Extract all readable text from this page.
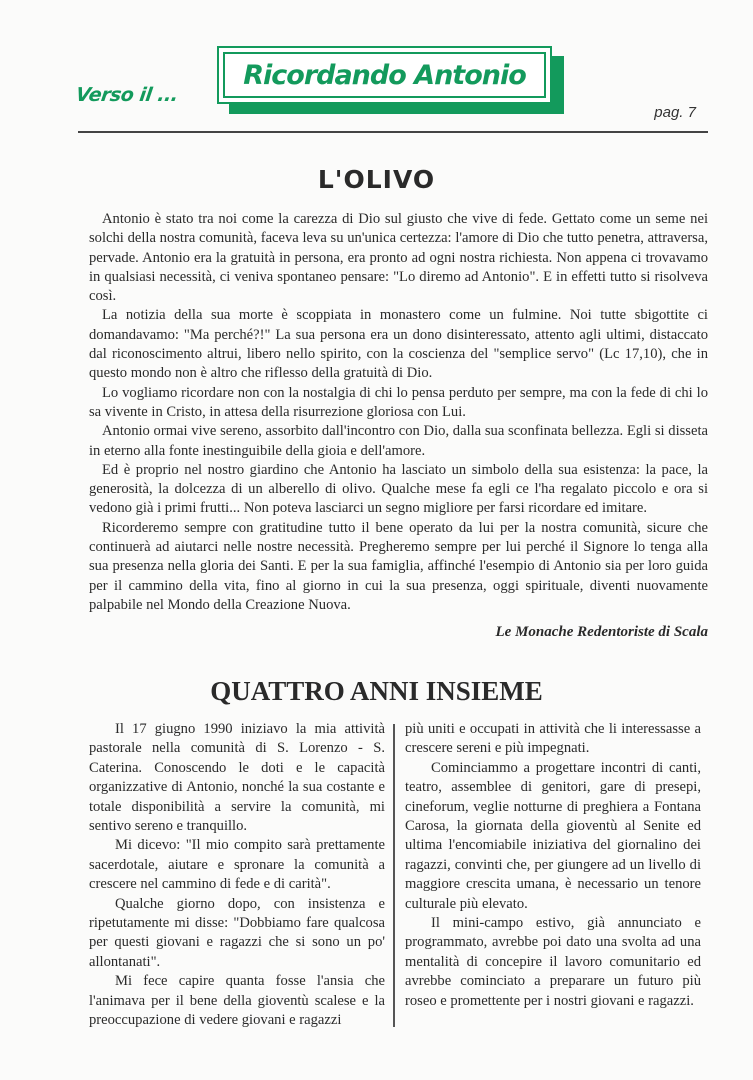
Verso il ...
Ricordando Antonio
pag. 7
L'OLIVO

Antonio è stato tra noi come la carezza di Dio sul giusto che vive di fede. Gettato come un seme nei solchi della nostra comunità, faceva leva su un'unica certezza: l'amore di Dio che tutto penetra, attraversa, pervade. Antonio era la gratuità in persona, era pronto ad ogni nostra richiesta. Non appena ci trovavamo in qualsiasi necessità, ci veniva spontaneo pensare: "Lo diremo ad Antonio". E in effetti tutto si risolveva così.

La notizia della sua morte è scoppiata in monastero come un fulmine. Noi tutte sbigottite ci domandavamo: "Ma perché?!" La sua persona era un dono disinteressato, attento agli ultimi, distaccato dal riconoscimento altrui, libero nello spirito, con la coscienza del "semplice servo" (Lc 17,10), che in questo mondo non è altro che riflesso della gratuità di Dio.

Lo vogliamo ricordare non con la nostalgia di chi lo pensa perduto per sempre, ma con la fede di chi lo sa vivente in Cristo, in attesa della risurrezione gloriosa con Lui.

Antonio ormai vive sereno, assorbito dall'incontro con Dio, dalla sua sconfinata bellezza. Egli si disseta in eterno alla fonte inestinguibile della gioia e dell'amore.

Ed è proprio nel nostro giardino che Antonio ha lasciato un simbolo della sua esistenza: la pace, la generosità, la dolcezza di un alberello di olivo. Qualche mese fa egli ce l'ha regalato piccolo e ora si vedono già i primi frutti... Non poteva lasciarci un segno migliore per farsi ricordare ed imitare.

Ricorderemo sempre con gratitudine tutto il bene operato da lui per la nostra comunità, sicure che continuerà ad aiutarci nelle nostre necessità. Pregheremo sempre per lui perché il Signore lo tenga alla sua presenza nella gloria dei Santi. E per la sua famiglia, affinché l'esempio di Antonio sia per loro guida per il cammino della vita, fino al giorno in cui la sua presenza, oggi spirituale, diventi nuovamente palpabile nel Mondo della Creazione Nuova.

Le Monache Redentoriste di Scala
QUATTRO ANNI INSIEME

Il 17 giugno 1990 iniziavo la mia attività pastorale nella comunità di S. Lorenzo - S. Caterina. Conoscendo le doti e le capacità organizzative di Antonio, nonché la sua costante e totale disponibilità a servire la comunità, mi sentivo sereno e tranquillo.

Mi dicevo: "Il mio compito sarà prettamente sacerdotale, aiutare e spronare la comunità a crescere nel cammino di fede e di carità".

Qualche giorno dopo, con insistenza e ripetutamente mi disse: "Dobbiamo fare qualcosa per questi giovani e ragazzi che si sono un po' allontanati".

Mi fece capire quanta fosse l'ansia che l'animava per il bene della gioventù scalese e la preoccupazione di vedere giovani e ragazzi

più uniti e occupati in attività che li interessasse a crescere sereni e più impegnati.

Cominciammo a progettare incontri di canti, teatro, assemblee di genitori, gare di presepi, cineforum, veglie notturne di preghiera a Fontana Carosa, la giornata della gioventù al Senite ed ultima l'encomiabile iniziativa del giornalino dei ragazzi, convinti che, per giungere ad un livello di maggiore crescita umana, è necessario un tenore culturale più elevato.

Il mini-campo estivo, già annunciato e programmato, avrebbe poi dato una svolta ad una mentalità di concepire il lavoro comunitario ed avrebbe cominciato a preparare un futuro più roseo e promettente per i nostri giovani e ragazzi.
